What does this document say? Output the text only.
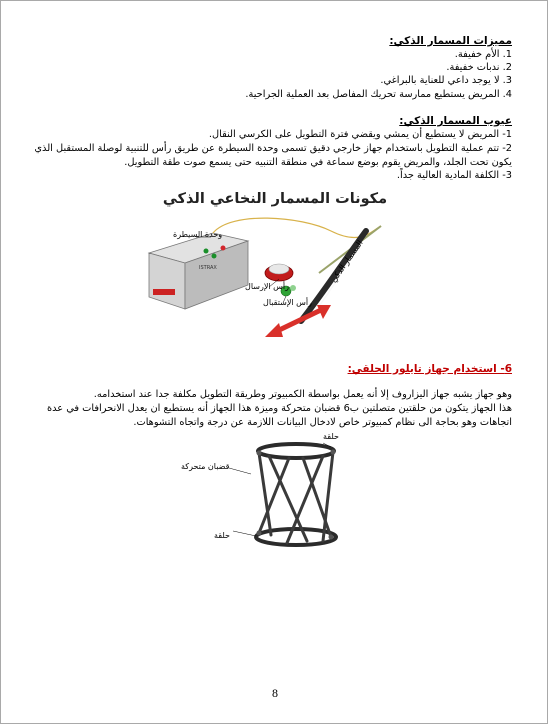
مميزات المسمار الذكي:
1. الأم خفيفة.
2. ندبات خفيفة.
3. لا يوجد داعي للعناية بالبراغي.
4. المريض يستطيع ممارسة تحريك المفاصل بعد العملية الجراحية.
عيوب المسمار الذكي:
1- المريض لا يستطيع أن يمشي ويقضي فترة التطويل على الكرسي النقال.
2- تتم عملية التطويل باستخدام جهاز خارجي دقيق تسمى وحدة السيطرة عن طريق رأس للتنبية لوصلة المستقبل الذي يكون تحت الجلد، والمريض يقوم بوضع سماعة في منطقة التنبيه حتى يسمع صوت طقة التطويل.
3- الكلفة المادية العالية جداً.
مكونات المسمار النخاعي الذكي
ISTRAX
وحدة السيطرة
رأس الإرسال
رأس الإستقبال
المسمار الذكي
6- استخدام جهاز تايلور الحلقي:
وهو جهاز يشبه جهاز اليزاروف إلا أنه يعمل بواسطة الكمبيوتر وطريقة التطويل مكلفة جدا عند استخدامه.
هذا الجهاز يتكون من حلقتين متصلتين ب6 قضبان متحركة وميزة هذا الجهاز أنه يستطيع ان يعدل الانحرافات في عدة اتجاهات وهو بحاجة الى نظام كمبيوتر خاص لادخال البيانات اللازمة عن درجة واتجاه التشوهات.
حلقة
قضبان متحركة
حلقة
8
